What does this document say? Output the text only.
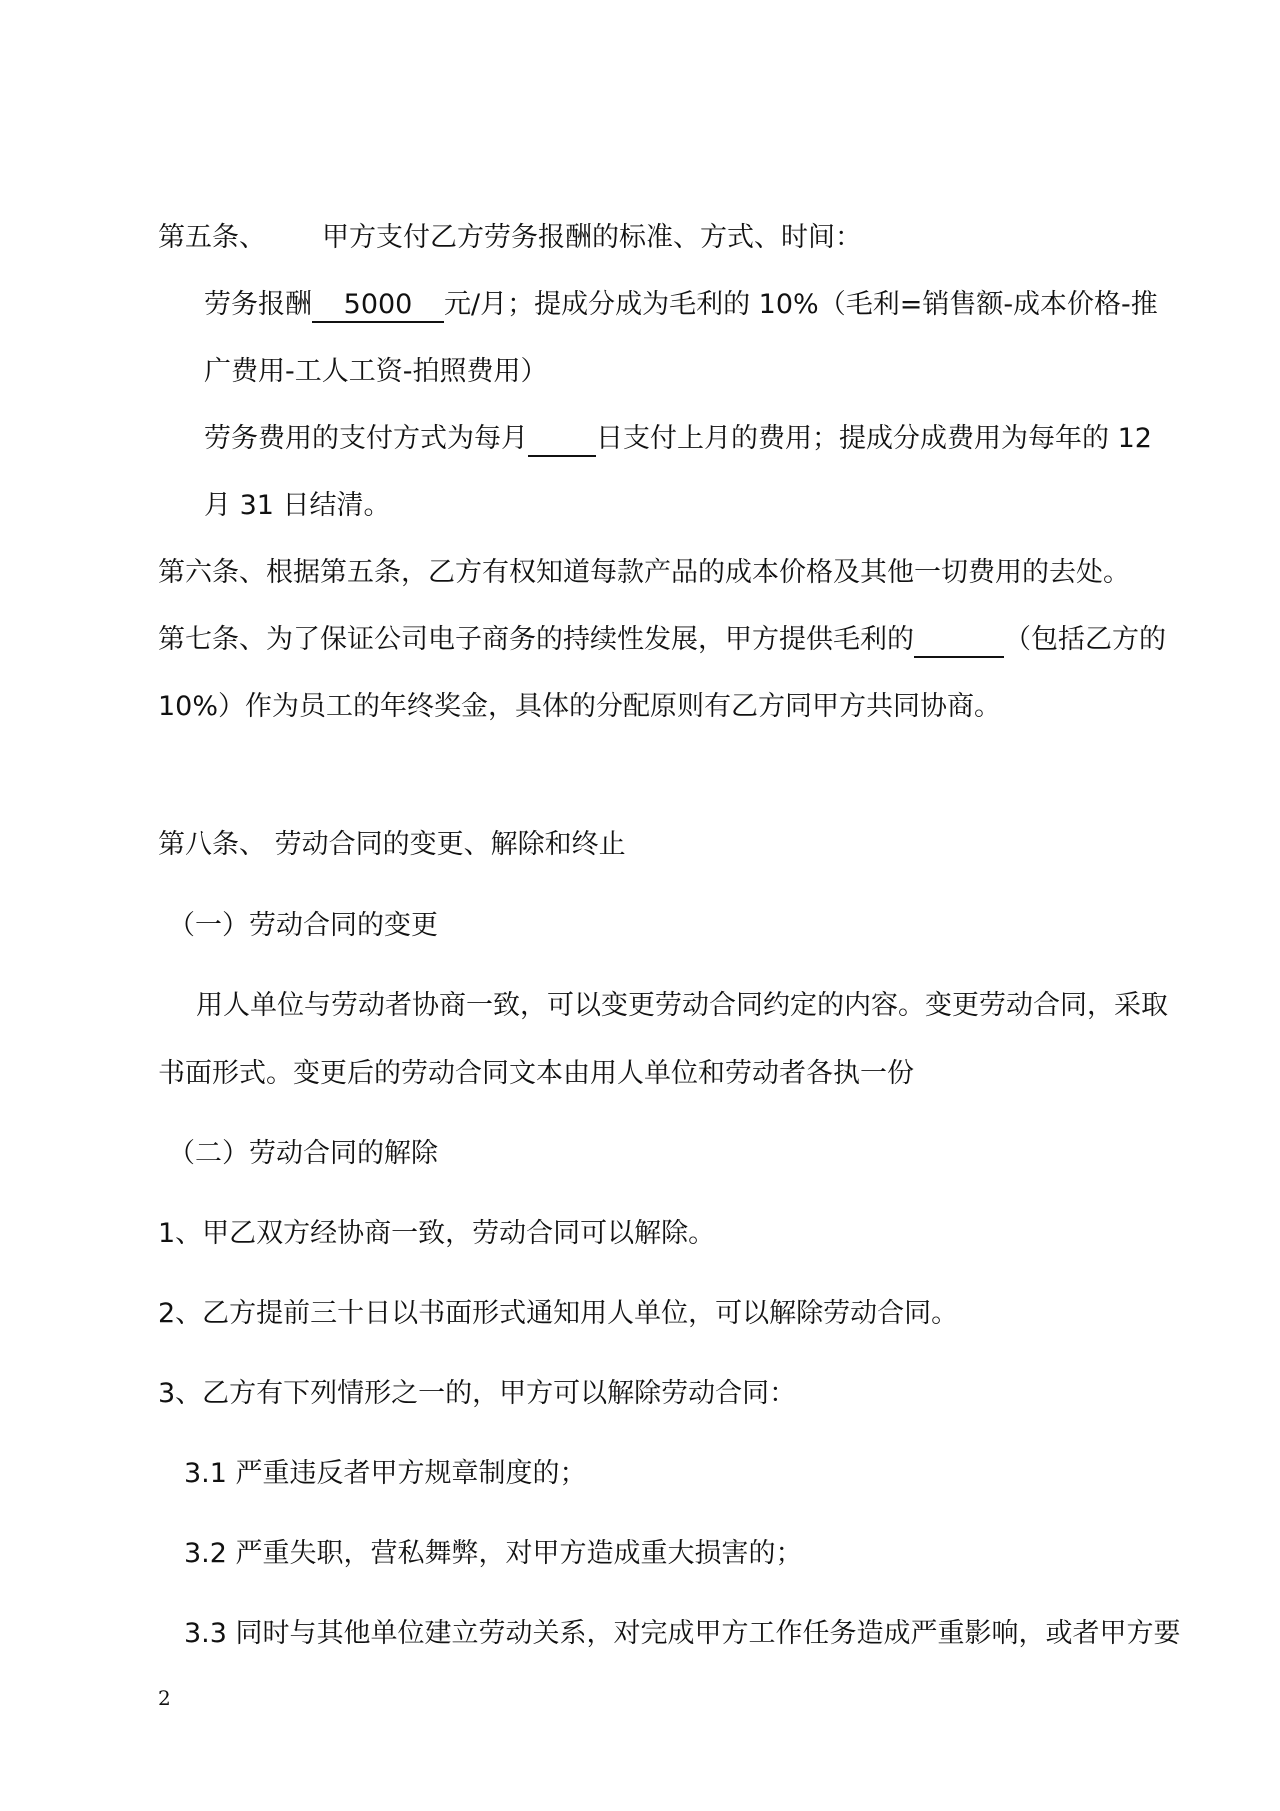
第五条、 甲方支付乙方劳务报酬的标准、方式、时间：
劳务报酬 5000 元/月；提成分成为毛利的 10%（毛利=销售额-成本价格-推
广费用-工人工资-拍照费用）
劳务费用的支付方式为每月	日支付上月的费用；提成分成费用为每年的 12
月 31 日结清。
第六条、根据第五条，乙方有权知道每款产品的成本价格及其他一切费用的去处。
第七条、为了保证公司电子商务的持续性发展，甲方提供毛利的	（包括乙方的
10%）作为员工的年终奖金，具体的分配原则有乙方同甲方共同协商。
第八条、 劳动合同的变更、解除和终止
（一）劳动合同的变更
用人单位与劳动者协商一致，可以变更劳动合同约定的内容。变更劳动合同，采取
书面形式。变更后的劳动合同文本由用人单位和劳动者各执一份
（二）劳动合同的解除
1、甲乙双方经协商一致，劳动合同可以解除。
2、乙方提前三十日以书面形式通知用人单位，可以解除劳动合同。
3、乙方有下列情形之一的，甲方可以解除劳动合同：
3.1 严重违反者甲方规章制度的；
3.2 严重失职，营私舞弊，对甲方造成重大损害的；
3.3 同时与其他单位建立劳动关系，对完成甲方工作任务造成严重影响，或者甲方要
2
